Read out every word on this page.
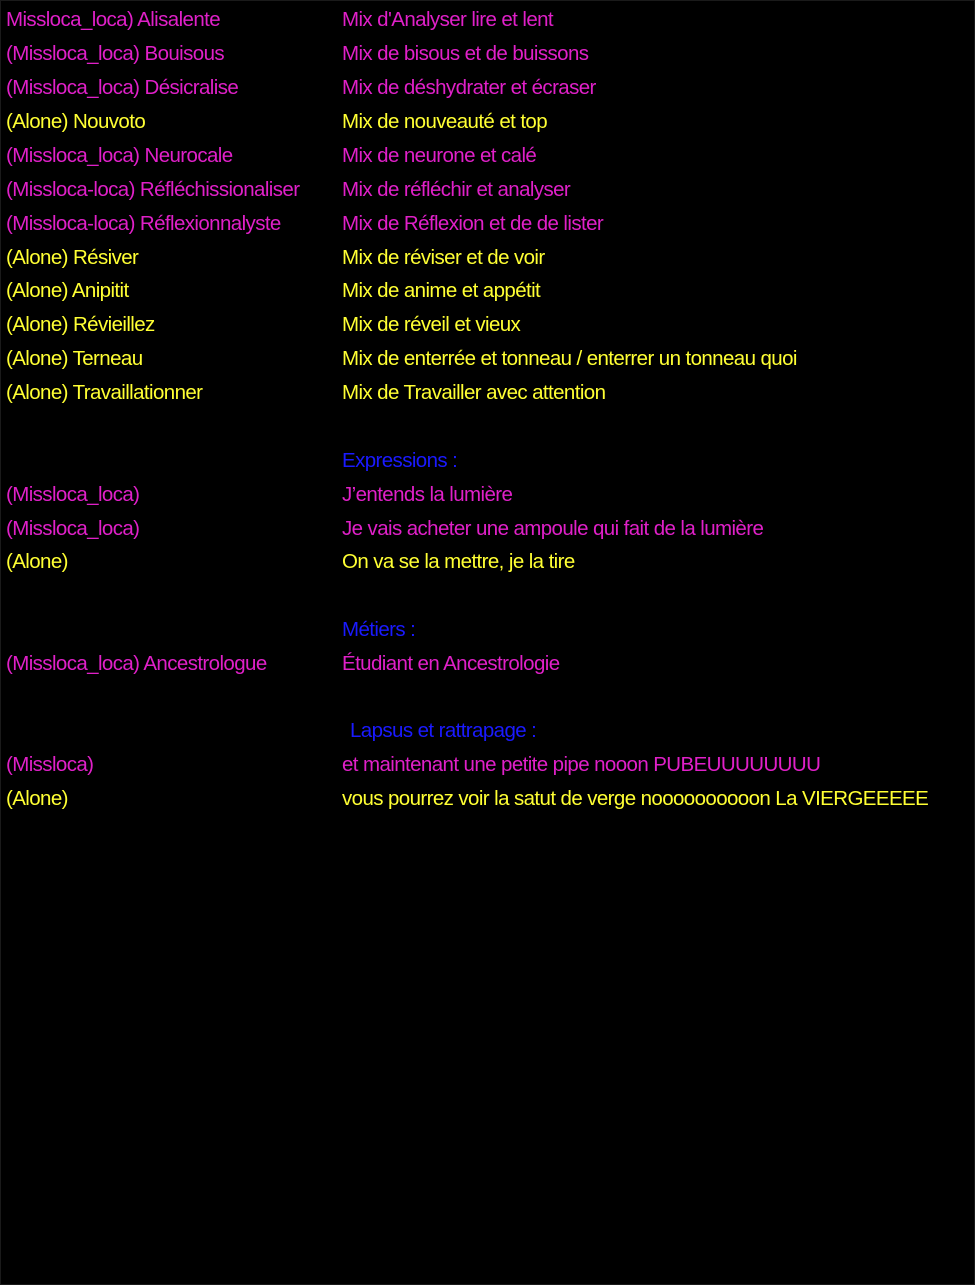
Missloca_loca) Alisalente	Mix d'Analyser lire et lent
(Missloca_loca) Bouisous	Mix de bisous et de buissons
(Missloca_loca) Désicralise	Mix de déshydrater et écraser
(Alone) Nouvoto	Mix de nouveauté et top
(Missloca_loca) Neurocale	Mix de neurone et calé
(Missloca-loca) Réfléchissionaliser Mix de réfléchir et analyser
(Missloca-loca) Réflexionnalyste	Mix de Réflexion et de de lister
(Alone) Résiver	Mix de réviser et de voir
(Alone) Anipitit	Mix de anime et appétit
(Alone) Révieillez	Mix de réveil et vieux
(Alone) Terneau	Mix de enterrée et tonneau / enterrer un tonneau quoi
(Alone) Travaillationner	Mix de Travailler avec attention
Expressions :
(Missloca_loca)	J’entends la lumière
(Missloca_loca)	Je vais acheter une ampoule qui fait de la lumière
(Alone)	On va se la mettre, je la tire
Métiers :
(Missloca_loca) Ancestrologue	Étudiant en Ancestrologie
Lapsus et rattrapage :
(Missloca)	et maintenant une petite pipe nooon PUBEUUUUUUUU
(Alone)	vous pourrez voir la satut de verge noooooooooon La VIERGEEEEE
